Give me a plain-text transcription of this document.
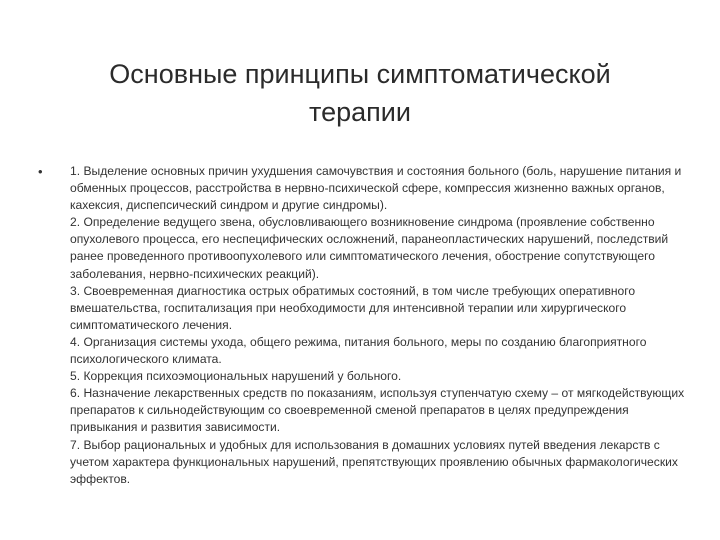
Основные принципы симптоматической
терапии
• 1. Выделение основных причин ухудшения самочувствия и состояния больного (боль, нарушение питания и обменных процессов, расстройства в нервно-психической сфере, компрессия жизненно важных органов, кахексия, диспепсический синдром и другие синдромы).

2. Определение ведущего звена, обусловливающего возникновение синдрома (проявление собственно опухолевого процесса, его неспецифических осложнений, паранеопластических нарушений, последствий ранее проведенного противоопухолевого или симптоматического лечения, обострение сопутствующего заболевания, нервно-психических реакций).

3. Своевременная диагностика острых обратимых состояний, в том числе требующих оперативного вмешательства, госпитализация при необходимости для интенсивной терапии или хирургического симптоматического лечения.

4. Организация системы ухода, общего режима, питания больного, меры по созданию благоприятного психологического климата.

5. Коррекция психоэмоциональных нарушений у больного.

6. Назначение лекарственных средств по показаниям, используя ступенчатую схему – от мягкодействующих препаратов к сильнодействующим со своевременной сменой препаратов в целях предупреждения привыкания и развития зависимости.

7. Выбор рациональных и удобных для использования в домашних условиях путей введения лекарств с учетом характера функциональных нарушений, препятствующих проявлению обычных фармакологических эффектов.
